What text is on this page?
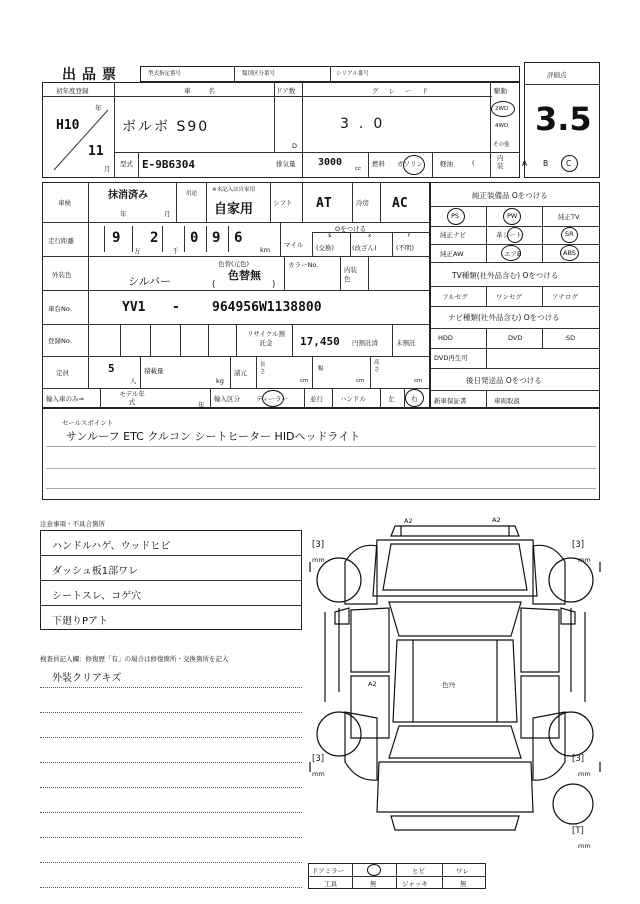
出品票	型式指定番号	類別区分番号	シリアル番号	評価点
3.5
初年度登録
年
H10
11
月
車名
ボルボ S90
ドア数
D
グレード
3.0
駆動
2WD
4WD
その他
型式 E-9B6304	排気量 3000
cc
燃料 ガソリン	軽油	(
内装 A B C
車検
抹消済み
年	月
用途
※未記入は自家用
自家用	シフト AT	冷房 AC
走行距離	9
万
2
千
0 9 6
km
マイル
Oをつける
$
(交換)
x
(改ざん)
f
(不明)
外装色	シルバー
色替(元色)
色替無
(	)
カラーNo.
内装色
車台No.	YV1 - 964956W1138800
登録No.
リサイクル預託金	17,450 円預託済	未預託
定員	5
人
積載量
kg
諸元
長さ
cm
幅
cm
高さ
cm
輸入車のみ⇒
モデル年式	年
輸入区分 ディーラー	並行	ハンドル	左	右
純正装備品 Oをつける
PS	PW	純正TV
純正ナビ	革シート	SR
純正AW	エアB	ABS
TV種類(社外品含む) Oをつける
フルセグ	ワンセグ	アナログ
ナビ種類(社外品含む) Oをつける
HDD	DVD	SD
DVD再生可
後日発送品 Oをつける
新車保証書	車両取説
セールスポイント
サンルーフ ETC クルコン シートヒーター HIDヘッドライト
注意事項・不具合箇所
ハンドルハゲ、ウッドヒビ
ダッシュ板1部ワレ
シートスレ、コゲ穴
下廻りPアト
検査員記入欄：修復歴「有」の場合は修復箇所・交換箇所を記入
外装クリアキズ
A2	A2
A2	色ｱｾ
[3]
mm
[3]
mm
[3]
mm
[3]
mm
[T]
mm
ドアミラー	ヒビ	ワレ
工具	無	ジャッキ	無
